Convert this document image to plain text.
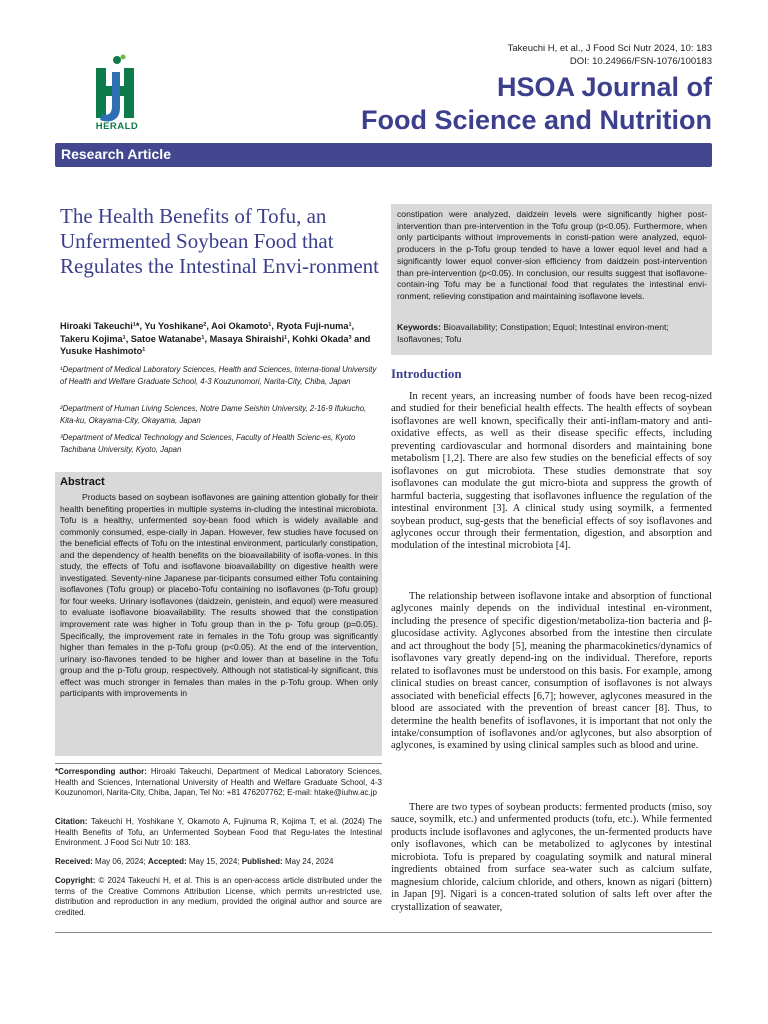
HERALD
Takeuchi H, et al., J Food Sci Nutr 2024, 10: 183
DOI: 10.24966/FSN-1076/100183
HSOA Journal of
Food Science and Nutrition
Research Article
The Health Benefits of Tofu, an Unfermented Soybean Food that Regulates the Intestinal Envi-ronment
Hiroaki Takeuchi¹*, Yu Yoshikane², Aoi Okamoto¹, Ryota Fuji-numa¹, Takeru Kojima¹, Satoe Watanabe¹, Masaya Shiraishi¹, Kohki Okada³ and Yusuke Hashimoto¹
¹Department of Medical Laboratory Sciences, Health and Sciences, Interna-tional University of Health and Welfare Graduate School, 4-3 Kouzunomori, Narita-City, Chiba, Japan
²Department of Human Living Sciences, Notre Dame Seishin University, 2-16-9 Ifukucho, Kita-ku, Okayama-City, Okayama, Japan
³Department of Medical Technology and Sciences, Faculty of Health Scienc-es, Kyoto Tachibana University, Kyoto, Japan
Abstract
Products based on soybean isoflavones are gaining attention globally for their health benefiting properties in multiple systems in-cluding the intestinal microbiota. Tofu is a healthy, unfermented soy-bean food which is widely available and commonly consumed, espe-cially in Japan. However, few studies have focused on the beneficial effects of Tofu on the intestinal environment, particularly constipation, and the dependency of health benefits on the bioavailability of isofla-vones. In this study, the effects of Tofu and isoflavone bioavailability on digestive health were investigated. Seventy-nine Japanese par-ticipants consumed either Tofu containing isoflavones (Tofu group) or placebo-Tofu containing no isoflavones (p-Tofu group) for four weeks. Urinary isoflavones (daidzein, genistein, and equol) were measured to evaluate isoflavone bioavailability. The results showed that the constipation improvement rate was higher in Tofu group than in the p- Tofu group (p=0.05). Specifically, the improvement rate in females in the Tofu group was significantly higher than females in the p-Tofu group (p<0.05). At the end of the intervention, urinary iso-flavones tended to be higher and lower than at baseline in the Tofu group and the p-Tofu group, respectively. Although not statistical-ly significant, this effect was much stronger in females than males in the p-Tofu group. When only participants with improvements in
*Corresponding author: Hiroaki Takeuchi, Department of Medical Laboratory Sciences, Health and Sciences, International University of Health and Welfare Graduate School, 4-3 Kouzunomori, Narita-City, Chiba, Japan, Tel No: +81 476207762; E-mail: htake@iuhw.ac.jp
Citation: Takeuchi H, Yoshikane Y, Okamoto A, Fujinuma R, Kojima T, et al. (2024) The Health Benefits of Tofu, an Unfermented Soybean Food that Regu-lates the Intestinal Environment. J Food Sci Nutr 10: 183.
Received: May 06, 2024; Accepted: May 15, 2024; Published: May 24, 2024
Copyright: © 2024 Takeuchi H, et al. This is an open-access article distributed under the terms of the Creative Commons Attribution License, which permits un-restricted use, distribution and reproduction in any medium, provided the original author and source are credited.
constipation were analyzed, daidzein levels were significantly higher post-intervention than pre-intervention in the Tofu group (p<0.05). Furthermore, when only participants without improvements in consti-pation were analyzed, equol-producers in the p-Tofu group tended to have a lower equol level and had a significantly lower equol conver-sion efficiency from daidzein post-intervention than pre-intervention (p<0.05). In conclusion, our results suggest that isoflavone-contain-ing Tofu may be a functional food that regulates the intestinal envi-ronment, relieving constipation and maintaining isoflavone levels.
Keywords: Bioavailability; Constipation; Equol; Intestinal environ-ment; Isoflavones; Tofu
Introduction
In recent years, an increasing number of foods have been recog-nized and studied for their beneficial health effects. The health effects of soybean isoflavones are well known, specifically their anti-inflam-matory and anti-oxidative effects, as well as their disease specific effects, including preventing cardiovascular and hormonal disorders and maintaining bone metabolism [1,2]. There are also few studies on the beneficial effects of soy isoflavones on gut microbiota. These studies demonstrate that soy isoflavones can modulate the gut micro-biota and suppress the growth of harmful bacteria, suggesting that isoflavones influence the regulation of the intestinal environment [3]. A clinical study using soymilk, a fermented soybean product, sug-gests that the beneficial effects of soy isoflavones and aglycones occur through their fermentation, digestion, and absorption and modulation of the intestinal microbiota [4].
The relationship between isoflavone intake and absorption of functional aglycones mainly depends on the individual intestinal en-vironment, including the presence of specific digestion/metaboliza-tion bacteria and β-glucosidase activity. Aglycones absorbed from the intestine then circulate and act throughout the body [5], meaning the pharmacokinetics/dynamics of isoflavones vary greatly depend-ing on the individual. Therefore, reports related to isoflavones must be understood on this basis. For example, among clinical studies on breast cancer, consumption of isoflavones is not always associated with beneficial effects [6,7]; however, aglycones measured in the blood are associated with the prevention of breast cancer [8]. Thus, to determine the health benefits of isoflavones, it is important that not only the intake/consumption of isoflavones and/or aglycones, but also absorption of aglycones, is examined by using clinical samples such as blood and urine.
There are two types of soybean products: fermented products (miso, soy sauce, soymilk, etc.) and unfermented products (tofu, etc.). While fermented products include isoflavones and aglycones, the un-fermented products have only isoflavones, which can be metabolized to aglycones by intestinal microbiota. Tofu is prepared by coagulating soymilk and natural mineral ingredients obtained from surface sea-water such as calcium sulfate, magnesium chloride, calcium chloride, and others, known as nigari (bittern) in Japan [9]. Nigari is a concen-trated solution of salts left over after the crystallization of seawater,
